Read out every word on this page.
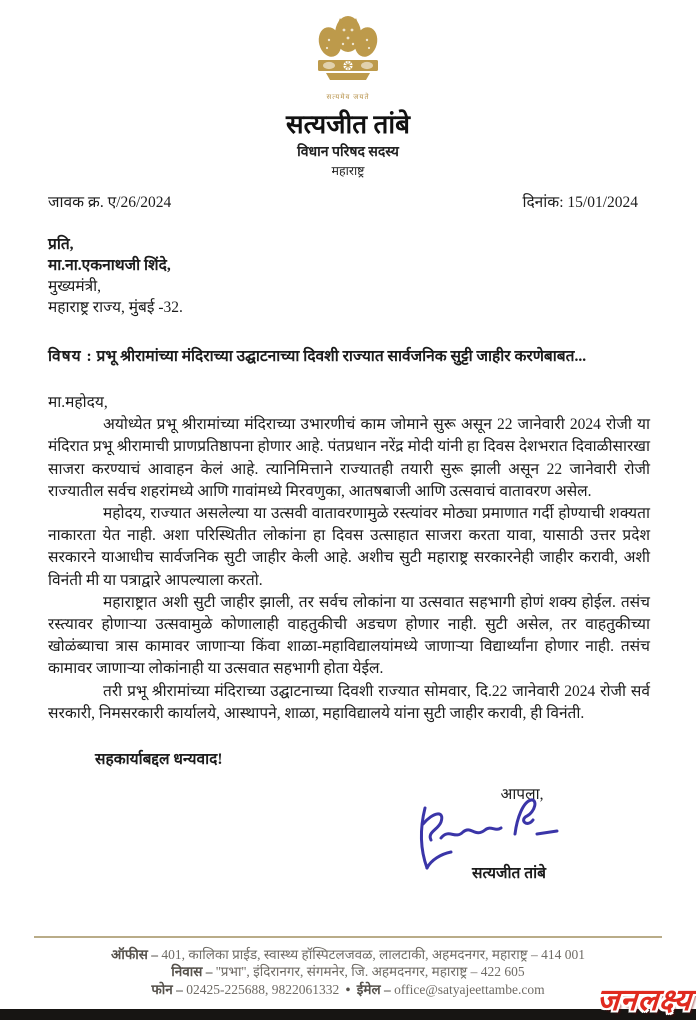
सत्यमेव जयते
सत्यजीत तांबे
विधान परिषद सदस्य
महाराष्ट्र
जावक क्र. ए/26/2024	दिनांक: 15/01/2024
प्रति,
मा.ना.एकनाथजी शिंदे,
मुख्यमंत्री,
महाराष्ट्र राज्य, मुंबई -32.
विषय : प्रभू श्रीरामांच्या मंदिराच्या उद्घाटनाच्या दिवशी राज्यात सार्वजनिक सुट्टी जाहीर करणेबाबत...
मा.महोदय,

अयोध्येत प्रभू श्रीरामांच्या मंदिराच्या उभारणीचं काम जोमाने सुरू असून 22 जानेवारी 2024 रोजी या मंदिरात प्रभू श्रीरामाची प्राणप्रतिष्ठापना होणार आहे. पंतप्रधान नरेंद्र मोदी यांनी हा दिवस देशभरात दिवाळीसारखा साजरा करण्याचं आवाहन केलं आहे. त्यानिमित्ताने राज्यातही तयारी सुरू झाली असून 22 जानेवारी रोजी राज्यातील सर्वच शहरांमध्ये आणि गावांमध्ये मिरवणुका, आतषबाजी आणि उत्सवाचं वातावरण असेल.

महोदय, राज्यात असलेल्या या उत्सवी वातावरणामुळे रस्त्यांवर मोठ्या प्रमाणात गर्दी होण्याची शक्यता नाकारता येत नाही. अशा परिस्थितीत लोकांना हा दिवस उत्साहात साजरा करता यावा, यासाठी उत्तर प्रदेश सरकारने याआधीच सार्वजनिक सुटी जाहीर केली आहे. अशीच सुटी महाराष्ट्र सरकारनेही जाहीर करावी, अशी विनंती मी या पत्राद्वारे आपल्याला करतो.

महाराष्ट्रात अशी सुटी जाहीर झाली, तर सर्वच लोकांना या उत्सवात सहभागी होणं शक्य होईल. तसंच रस्त्यावर होणाऱ्या उत्सवामुळे कोणालाही वाहतुकीची अडचण होणार नाही. सुटी असेल, तर वाहतुकीच्या खोळंब्याचा त्रास कामावर जाणाऱ्या किंवा शाळा-महाविद्यालयांमध्ये जाणाऱ्या विद्यार्थ्यांना होणार नाही. तसंच कामावर जाणाऱ्या लोकांनाही या उत्सवात सहभागी होता येईल.

तरी प्रभू श्रीरामांच्या मंदिराच्या उद्घाटनाच्या दिवशी राज्यात सोमवार, दि.22 जानेवारी 2024 रोजी सर्व सरकारी, निमसरकारी कार्यालये, आस्थापने, शाळा, महाविद्यालये यांना सुटी जाहीर करावी, ही विनंती.

सहकार्याबद्दल धन्यवाद!
आपला,
सत्यजीत तांबे
ऑफीस – 401, कालिका प्राईड, स्वास्थ्य हॉस्पिटलजवळ, लालटाकी, अहमदनगर, महाराष्ट्र – 414 001
निवास – ''प्रभा'', इंदिरानगर, संगमनेर, जि. अहमदनगर, महाराष्ट्र – 422 605
फोन – 02425-225688, 9822061332 • ईमेल – office@satyajeettambe.com	जनलक्ष्य
